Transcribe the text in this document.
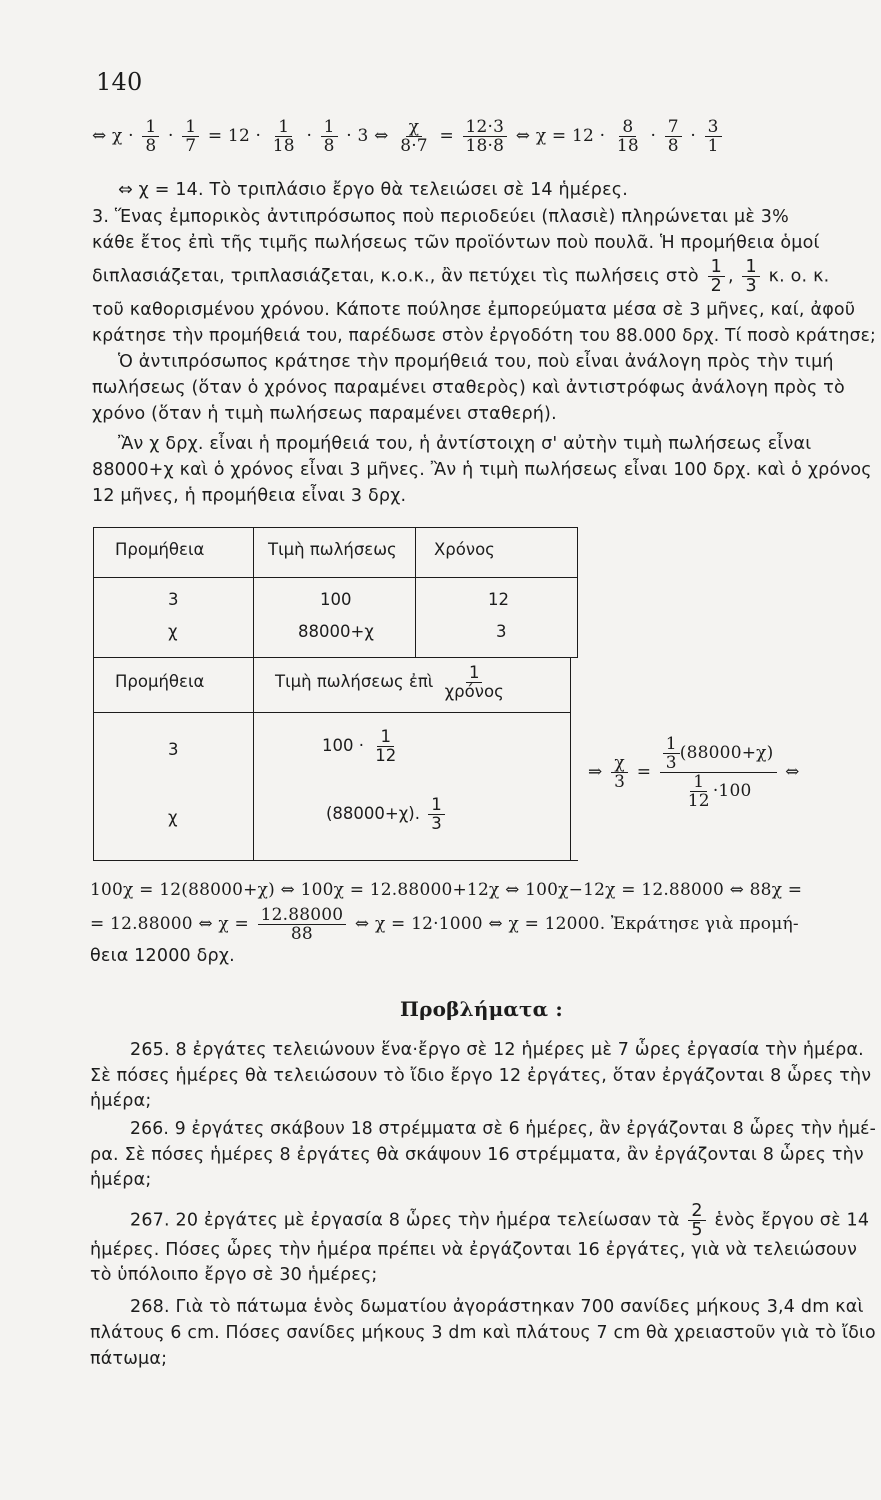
140
⇔ $\chi \cdot \frac{1}{8} \cdot \frac{1}{7} = 12 \cdot \frac{1}{18} \cdot \frac{1}{8} \cdot 3$ ⇔ $\frac{\chi}{8\cdot 7} = \frac{12\cdot 3}{18\cdot 8}$ ⇔ $\chi = 12 \cdot \frac{8}{18} \cdot \frac{7}{8} \cdot \frac{3}{1}$
⇔ χ = 14. Τὸ τριπλάσιο ἔργο θὰ τελειώσει σὲ 14 ἡμέρες.
3. Ἕνας ἐμπορικὸς ἀντιπρόσωπος ποὺ περιοδεύει (πλασιὲ) πληρώνεται μὲ 3%
κάθε ἔτος ἐπὶ τῆς τιμῆς πωλήσεως τῶν προϊόντων ποὺ πουλᾶ. Ἡ προμήθεια ὁμοί
διπλασιάζεται, τριπλασιάζεται, κ.ο.κ., ἂν πετύχει τὶς πωλήσεις στὸ $\frac{1}{2}$ , $\frac{1}{3} \kappa$. ο. κ.
τοῦ καθορισμένου χρόνου. Κάποτε πούλησε ἐμπορεύματα μέσα σὲ 3 μῆνες, καί, ἀφοῦ
κράτησε τὴν προμήθειά του, παρέδωσε στὸν ἐργοδότη του 88.000 δρχ. Τί ποσὸ κράτησε;
Ὁ ἀντιπρόσωπος κράτησε τὴν προμήθειά του, ποὺ εἶναι ἀνάλογη πρὸς τὴν τιμή
πωλήσεως (ὅταν ὁ χρόνος παραμένει σταθερὸς) καὶ ἀντιστρόφως ἀνάλογη πρὸς τὸ
χρόνο (ὅταν ἡ τιμὴ πωλήσεως παραμένει σταθερή).
Ἂν χ δρχ. εἶναι ἡ προμήθειά του, ἡ ἀντίστοιχη σ' αὐτὴν τιμὴ πωλήσεως εἶναι
88000+χ καὶ ὁ χρόνος εἶναι 3 μῆνες. Ἂν ἡ τιμὴ πωλήσεως εἶναι 100 δρχ. καὶ ὁ χρόνος
12 μῆνες, ἡ προμήθεια εἶναι 3 δρχ.
Προμήθεια	Τιμὴ πωλήσεως Χρόνος
3	100	12
χ	88000+χ	3
Προμήθεια	Τιμὴ πωλήσεως ἐπὶ $\frac{1}{\text{χρόνος}}$
3	$100 \cdot \frac{1}{12}$
χ	(88000+χ). $\frac{1}{3}$
⇒ $\frac{\chi}{3} = \frac{\frac{1}{3} (88000+\chi)}{\frac{1}{12} \cdot 100}$ ⇔
100χ = 12(88000+χ) ⇔ 100χ = 12.88000+12χ ⇔ 100χ−12χ = 12.88000 ⇔ 88χ =
= 12.88000 ⇔ $\chi = \frac{12.88000}{88}$ ⇔ χ = 12·1000 ⇔ χ = 12000. Ἐκράτησε γιὰ προμή-
θεια 12000 δρχ.
Προβλήματα :
265. 8 ἐργάτες τελειώνουν ἕνα·ἔργο σὲ 12 ἡμέρες μὲ 7 ὧρες ἐργασία τὴν ἡμέρα.
Σὲ πόσες ἡμέρες θὰ τελειώσουν τὸ ἴδιο ἔργο 12 ἐργάτες, ὅταν ἐργάζονται 8 ὧρες τὴν
ἡμέρα;
266. 9 ἐργάτες σκάβουν 18 στρέμματα σὲ 6 ἡμέρες, ἂν ἐργάζονται 8 ὧρες τὴν ἡμέ-
ρα. Σὲ πόσες ἡμέρες 8 ἐργάτες θὰ σκάψουν 16 στρέμματα, ἂν ἐργάζονται 8 ὧρες τὴν
ἡμέρα;
267. 20 ἐργάτες μὲ ἐργασία 8 ὧρες τὴν ἡμέρα τελείωσαν τὰ $\frac{2}{5}$ ἑνὸς ἔργου σὲ 14
ἡμέρες. Πόσες ὧρες τὴν ἡμέρα πρέπει νὰ ἐργάζονται 16 ἐργάτες, γιὰ νὰ τελειώσουν
τὸ ὑπόλοιπο ἔργο σὲ 30 ἡμέρες;
268. Γιὰ τὸ πάτωμα ἑνὸς δωματίου ἀγοράστηκαν 700 σανίδες μήκους 3,4 dm καὶ
πλάτους 6 cm. Πόσες σανίδες μήκους 3 dm καὶ πλάτους 7 cm θὰ χρειαστοῦν γιὰ τὸ ἴδιο
πάτωμα;
